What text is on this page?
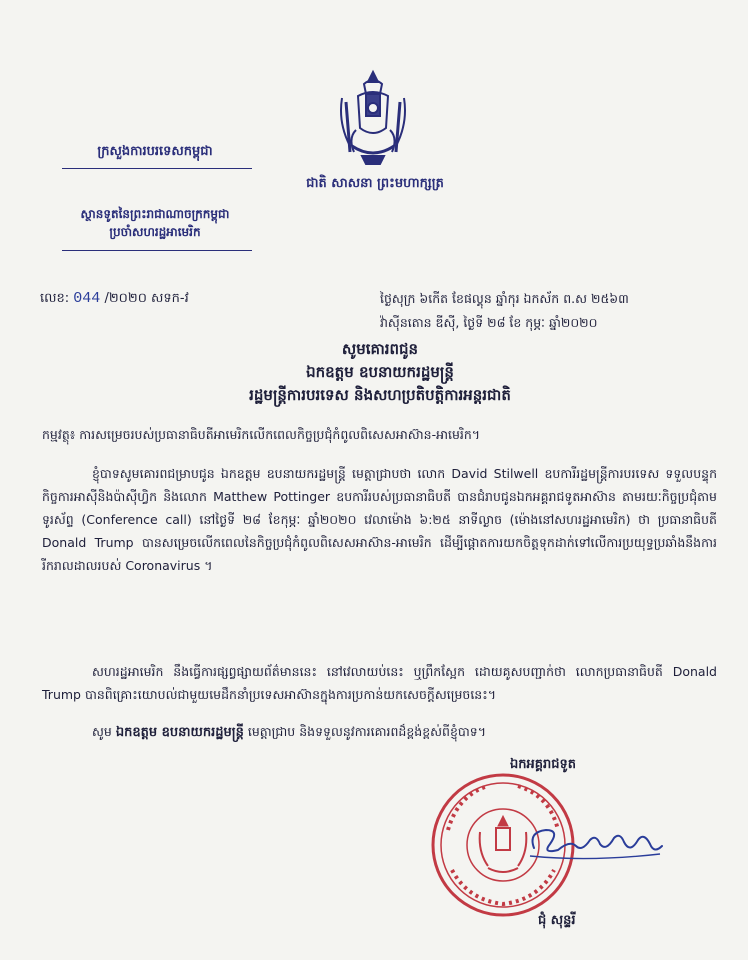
ជាតិ សាសនា ព្រះមហាក្សត្រ
ក្រសួងការបរទេសកម្ពុជា
ស្ថានទូតនៃព្រះរាជាណាចក្រកម្ពុជា
ប្រចាំសហរដ្ឋអាមេរិក
លេខ: 044 /២០២០ សទក-វ	ថ្ងៃសុក្រ ៦កើត ខែផល្គុន ឆ្នាំកុរ ឯកស័ក ព.ស ២៥៦៣
វ៉ាស៊ីនតោន ឌីស៊ី, ថ្ងៃទី ២៨ ខែ កុម្ភៈ ឆ្នាំ២០២០
សូមគោរពជូន
ឯកឧត្តម ឧបនាយករដ្ឋមន្ត្រី
រដ្ឋមន្ត្រីការបរទេស និងសហប្រតិបត្តិការអន្តរជាតិ
កម្មវត្ថុ៖ ការសម្រេចរបស់ប្រធានាធិបតីអាមេរិកលើកពេលកិច្ចប្រជុំកំពូលពិសេសអាស៊ាន-អាមេរិក។
ខ្ញុំបាទសូមគោរពជម្រាបជូន ឯកឧត្តម ឧបនាយករដ្ឋមន្ត្រី មេត្តាជ្រាបថា លោក David Stilwell ឧបការីរដ្ឋមន្ត្រីការបរទេស ទទួលបន្ទុកកិច្ចការអាស៊ីនិងប៉ាស៊ីហ្វិក និងលោក Matthew Pottinger ឧបការីរបស់ប្រធានាធិបតី បានជំរាបជូនឯកអគ្គរាជទូតអាស៊ាន តាមរយៈកិច្ចប្រជុំតាមទូរស័ព្ទ (Conference call) នៅថ្ងៃទី ២៨ ខែកុម្ភៈ ឆ្នាំ២០២០ វេលាម៉ោង ៦:២៥ នាទីល្ងាច (ម៉ោងនៅសហរដ្ឋអាមេរិក) ថា ប្រធានាធិបតី Donald Trump បានសម្រេចលើកពេលនៃកិច្ចប្រជុំកំពូលពិសេសអាស៊ាន-អាមេរិក ដើម្បីផ្តោតការយកចិត្តទុកដាក់ទៅលើការប្រយុទ្ធប្រឆាំងនឹងការរីករាលដាលរបស់ Coronavirus ។
សហរដ្ឋអាមេរិក នឹងធ្វើការផ្សព្វផ្សាយព័ត៌មាននេះ នៅវេលាយប់នេះ ឬព្រឹកស្អែក ដោយគូសបញ្ជាក់ថា លោកប្រធានាធិបតី Donald Trump បានពិគ្រោះយោបល់ជាមួយមេដឹកនាំប្រទេសអាស៊ានក្នុងការប្រកាន់យកសេចក្តីសម្រេចនេះ។
សូម ឯកឧត្តម ឧបនាយករដ្ឋមន្ត្រី មេត្តាជ្រាប និងទទួលនូវការគោរពដ៏ខ្ពង់ខ្ពស់ពីខ្ញុំបាទ។
ឯកអគ្គរាជទូត
ជុំ សុន្ទរី
